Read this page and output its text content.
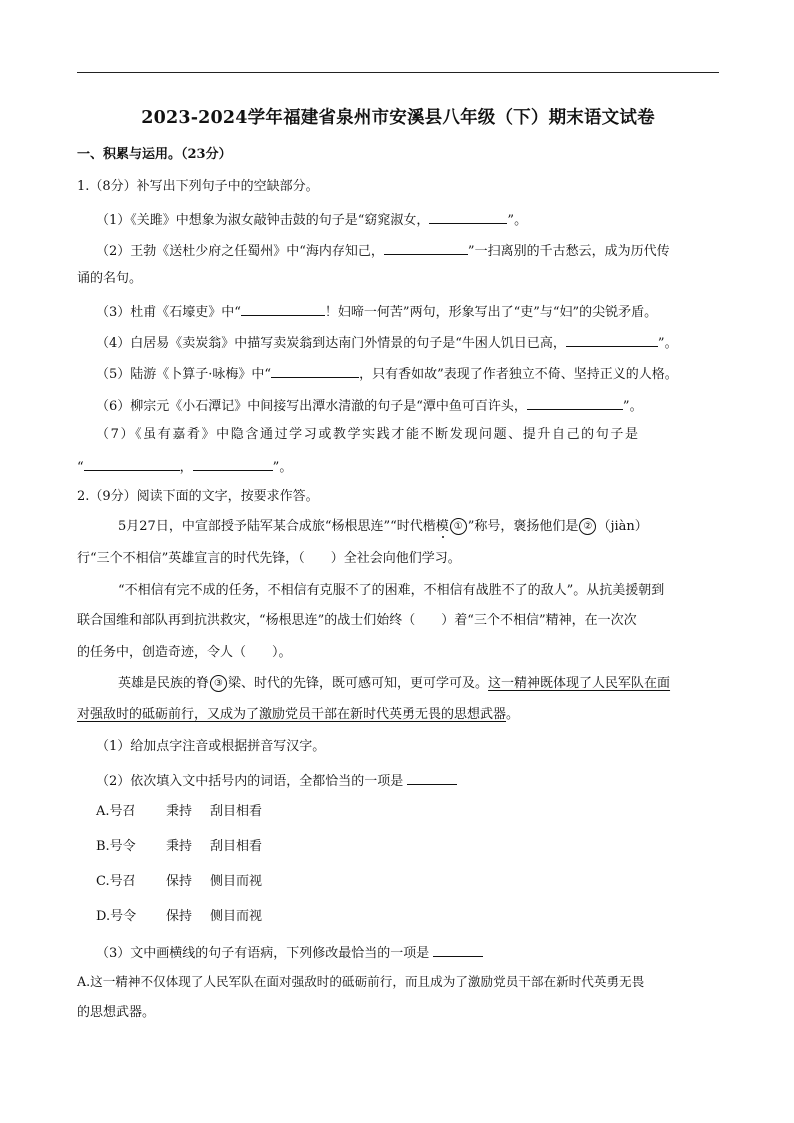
2023-2024学年福建省泉州市安溪县八年级（下）期末语文试卷
一、积累与运用。（23分）
1.（8分）补写出下列句子中的空缺部分。
（1）《关雎》中想象为淑女敲钟击鼓的句子是“窈窕淑女，	”。
（2）王勃《送杜少府之任蜀州》中“海内存知己，	”一扫离别的千古愁云，成为历代传
诵的名句。
（3）杜甫《石壕吏》中“	！妇啼一何苦”两句，形象写出了“吏”与“妇”的尖锐矛盾。
（4）白居易《卖炭翁》中描写卖炭翁到达南门外情景的句子是“牛困人饥日已高，	”。
（5）陆游《卜算子·咏梅》中“	，只有香如故”表现了作者独立不倚、坚持正义的人格。
（6）柳宗元《小石潭记》中间接写出潭水清澈的句子是“潭中鱼可百许头，	”。
（7）《虽有嘉肴》中隐含通过学习或教学实践才能不断发现问题、提升自己的句子是
“	，	”。
2.（9分）阅读下面的文字，按要求作答。
5月27日，中宣部授予陆军某合成旅“杨根思连”“时代楷模 ① ”称号，褒扬他们是 ② （jiàn）
行“三个不相信”英雄宣言的时代先锋，（　　）全社会向他们学习。
“不相信有完不成的任务，不相信有克服不了的困难，不相信有战胜不了的敌人”。从抗美援朝到
联合国维和部队再到抗洪救灾，“杨根思连”的战士们始终（　　）着“三个不相信”精神，在一次次
的任务中，创造奇迹，令人（　　）。
英雄是民族的脊 ③ 梁、时代的先锋，既可感可知，更可学可及。这一精神既体现了人民军队在面
对强敌时的砥砺前行，又成为了激励党员干部在新时代英勇无畏的思想武器。
（1）给加点字注音或根据拼音写汉字。
（2）依次填入文中括号内的词语，全都恰当的一项是
A.号召 秉持 刮目相看
B.号令 秉持 刮目相看
C.号召 保持 侧目而视
D.号令 保持 侧目而视
（3）文中画横线的句子有语病，下列修改最恰当的一项是
A.这一精神不仅体现了人民军队在面对强敌时的砥砺前行，而且成为了激励党员干部在新时代英勇无畏
的思想武器。
